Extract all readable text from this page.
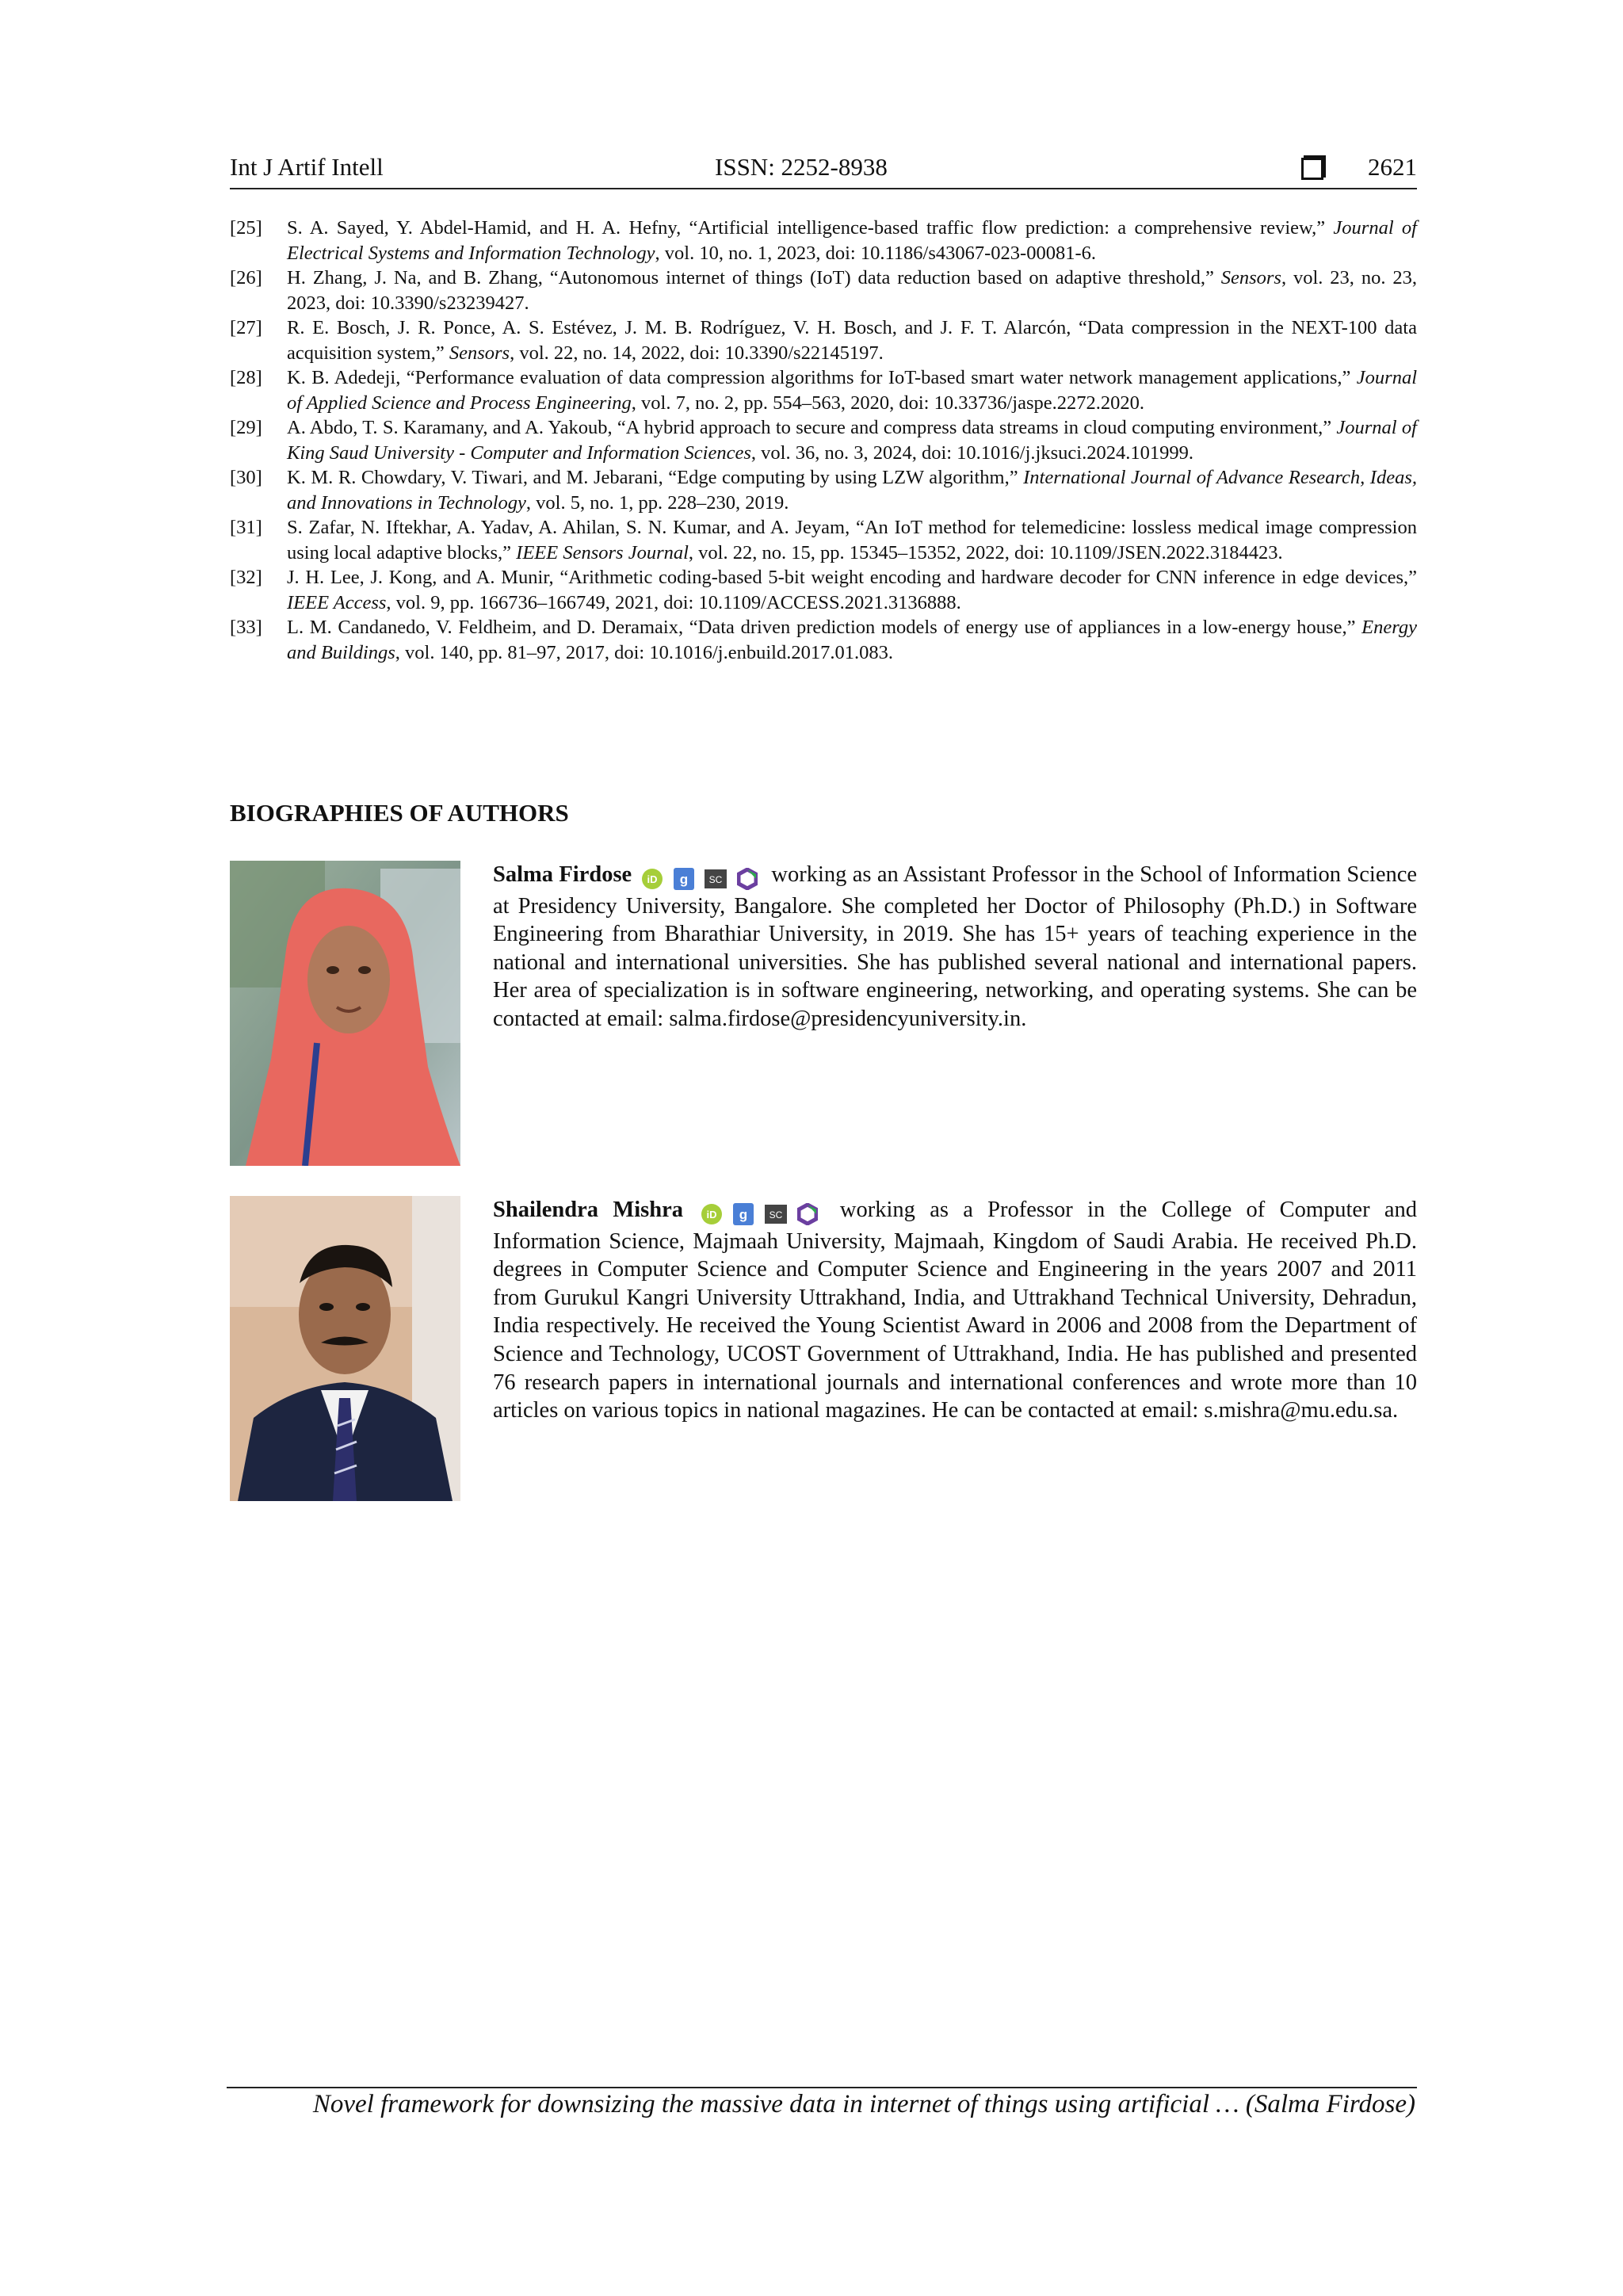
Int J Artif Intell	ISSN: 2252-8938	2621
[25]	S. A. Sayed, Y. Abdel-Hamid, and H. A. Hefny, “Artificial intelligence-based traffic flow prediction: a comprehensive review,” Journal of Electrical Systems and Information Technology, vol. 10, no. 1, 2023, doi: 10.1186/s43067-023-00081-6.
[26]	H. Zhang, J. Na, and B. Zhang, “Autonomous internet of things (IoT) data reduction based on adaptive threshold,” Sensors, vol. 23, no. 23, 2023, doi: 10.3390/s23239427.
[27]	R. E. Bosch, J. R. Ponce, A. S. Estévez, J. M. B. Rodríguez, V. H. Bosch, and J. F. T. Alarcón, “Data compression in the NEXT-100 data acquisition system,” Sensors, vol. 22, no. 14, 2022, doi: 10.3390/s22145197.
[28]	K. B. Adedeji, “Performance evaluation of data compression algorithms for IoT-based smart water network management applications,” Journal of Applied Science and Process Engineering, vol. 7, no. 2, pp. 554–563, 2020, doi: 10.33736/jaspe.2272.2020.
[29]	A. Abdo, T. S. Karamany, and A. Yakoub, “A hybrid approach to secure and compress data streams in cloud computing environment,” Journal of King Saud University - Computer and Information Sciences, vol. 36, no. 3, 2024, doi: 10.1016/j.jksuci.2024.101999.
[30]	K. M. R. Chowdary, V. Tiwari, and M. Jebarani, “Edge computing by using LZW algorithm,” International Journal of Advance Research, Ideas, and Innovations in Technology, vol. 5, no. 1, pp. 228–230, 2019.
[31]	S. Zafar, N. Iftekhar, A. Yadav, A. Ahilan, S. N. Kumar, and A. Jeyam, “An IoT method for telemedicine: lossless medical image compression using local adaptive blocks,” IEEE Sensors Journal, vol. 22, no. 15, pp. 15345–15352, 2022, doi: 10.1109/JSEN.2022.3184423.
[32]	J. H. Lee, J. Kong, and A. Munir, “Arithmetic coding-based 5-bit weight encoding and hardware decoder for CNN inference in edge devices,” IEEE Access, vol. 9, pp. 166736–166749, 2021, doi: 10.1109/ACCESS.2021.3136888.
[33]	L. M. Candanedo, V. Feldheim, and D. Deramaix, “Data driven prediction models of energy use of appliances in a low-energy house,” Energy and Buildings, vol. 140, pp. 81–97, 2017, doi: 10.1016/j.enbuild.2017.01.083.
BIOGRAPHIES OF AUTHORS
Salma Firdose iD
g
SC working as an Assistant Professor in the School of Information Science at Presidency University, Bangalore. She completed her Doctor of Philosophy (Ph.D.) in Software Engineering from Bharathiar University, in 2019. She has 15+ years of teaching experience in the national and international universities. She has published several national and international papers. Her area of specialization is in software engineering, networking, and operating systems. She can be contacted at email: salma.firdose@presidencyuniversity.in.
Shailendra Mishra iD
g
SC	working as a Professor in the College of Computer and Information Science, Majmaah University, Majmaah, Kingdom of Saudi Arabia. He received Ph.D. degrees in Computer Science and Computer Science and Engineering in the years 2007 and 2011 from Gurukul Kangri University Uttrakhand, India, and Uttrakhand Technical University, Dehradun, India respectively. He received the Young Scientist Award in 2006 and 2008 from the Department of Science and Technology, UCOST Government of Uttrakhand, India. He has published and presented 76 research papers in international journals and international conferences and wrote more than 10 articles on various topics in national magazines. He can be contacted at email: s.mishra@mu.edu.sa.
Novel framework for downsizing the massive data in internet of things using artificial … (Salma Firdose)
